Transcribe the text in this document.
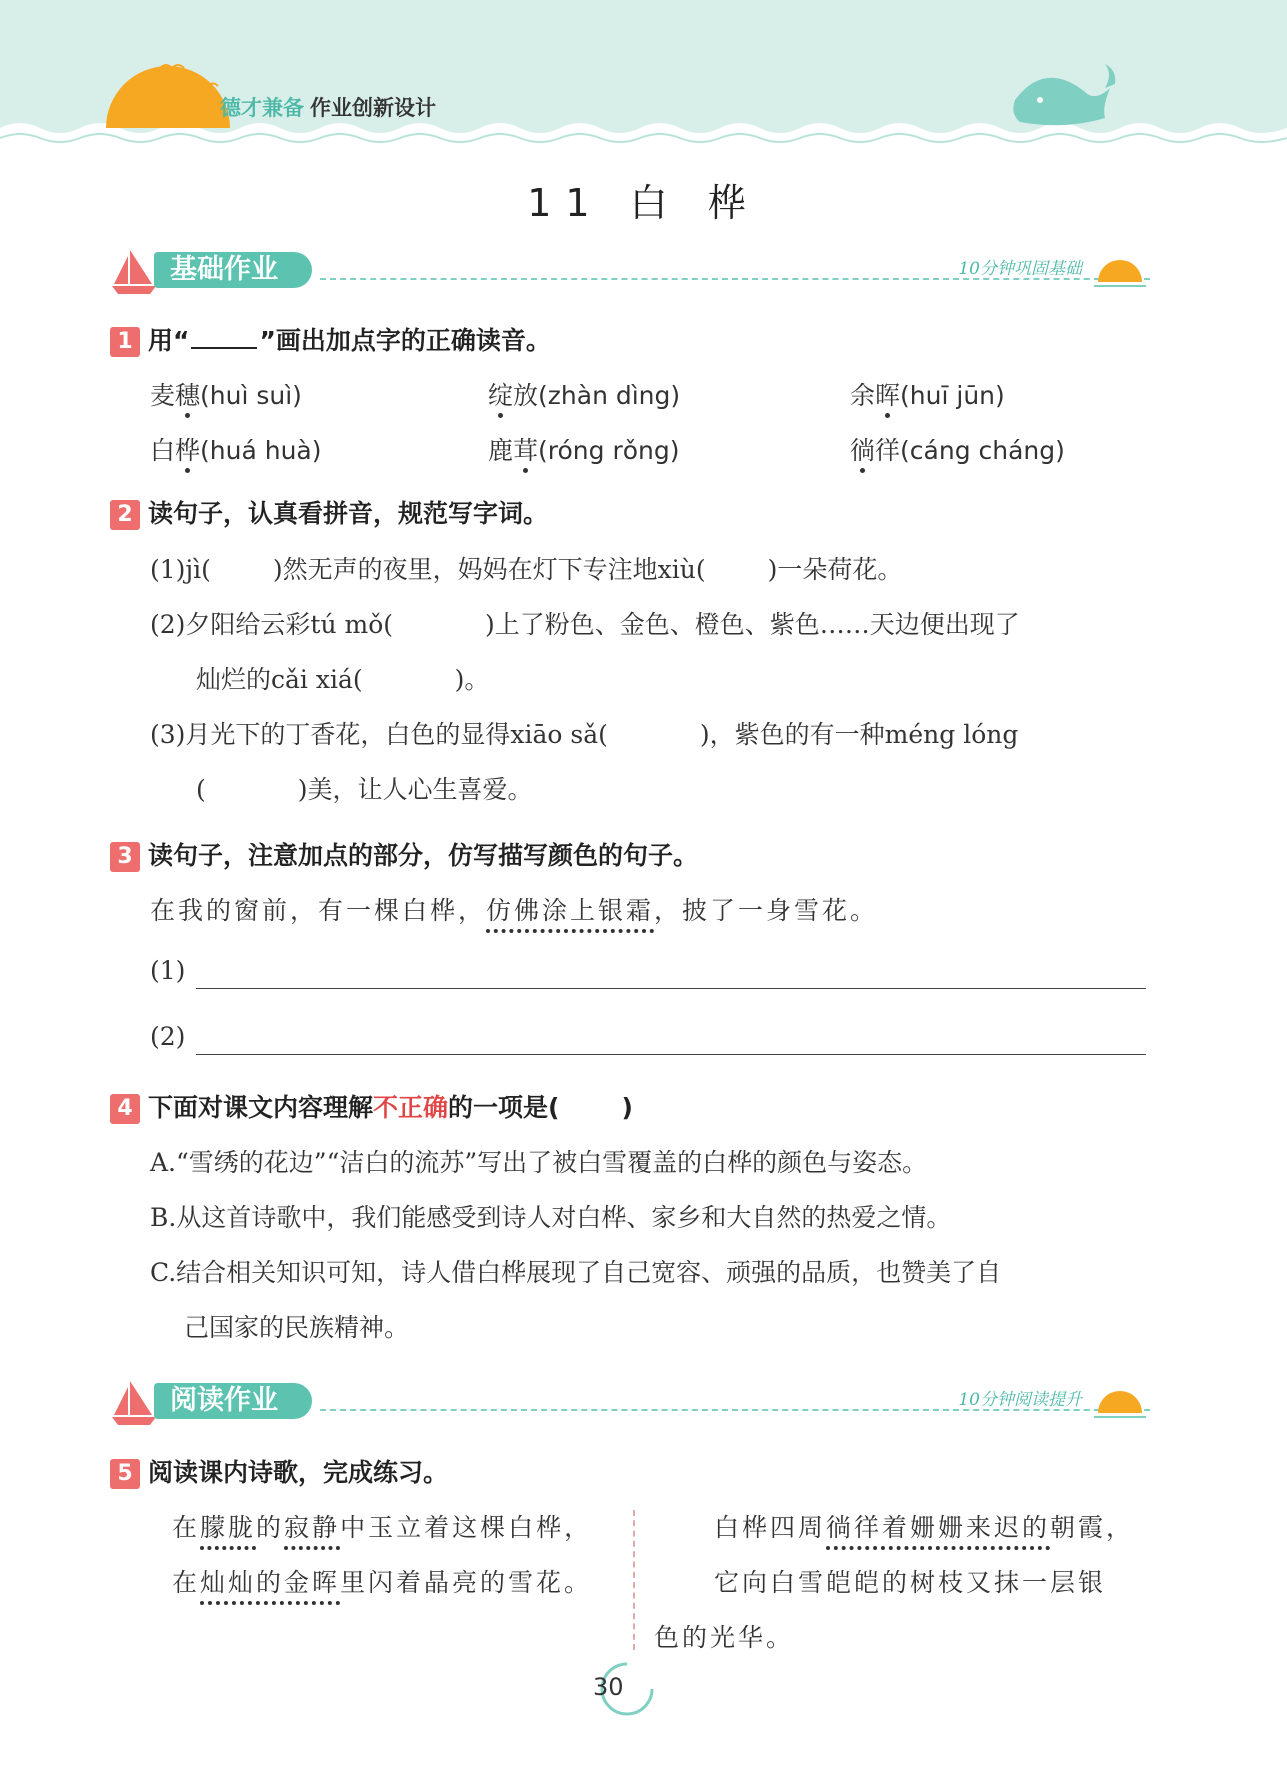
德才兼备 作业创新设计
11 白 桦
基础作业	10分钟巩固基础
1 用“	”画出加点字的正确读音。
麦穗(huì suì)	绽放(zhàn dìng)	余晖(huī jūn)
白桦(huá huà)	鹿茸(róng rǒng)	徜徉(cáng cháng)
2 读句子，认真看拼音，规范写字词。
(1)jì( )然无声的夜里，妈妈在灯下专注地xiù( )一朵荷花。
(2)夕阳给云彩tú mǒ(	)上了粉色、金色、橙色、紫色……天边便出现了
灿烂的cǎi xiá(	)。
(3)月光下的丁香花，白色的显得xiāo sǎ(	)，紫色的有一种méng lóng
(	)美，让人心生喜爱。
3 读句子，注意加点的部分，仿写描写颜色的句子。
在我的窗前，有一棵白桦，仿佛涂上银霜，披了一身雪花。
(1)
(2)
4 下面对课文内容理解不正确的一项是( )
A.“雪绣的花边”“洁白的流苏”写出了被白雪覆盖的白桦的颜色与姿态。
B.从这首诗歌中，我们能感受到诗人对白桦、家乡和大自然的热爱之情。
C.结合相关知识可知，诗人借白桦展现了自己宽容、顽强的品质，也赞美了自
己国家的民族精神。
阅读作业	10分钟阅读提升
5 阅读课内诗歌，完成练习。
在朦胧的寂静中玉立着这棵白桦，
在灿灿的金晖里闪着晶亮的雪花。
白桦四周徜徉着姗姗来迟的朝霞，
它向白雪皑皑的树枝又抹一层银
色的光华。
30
